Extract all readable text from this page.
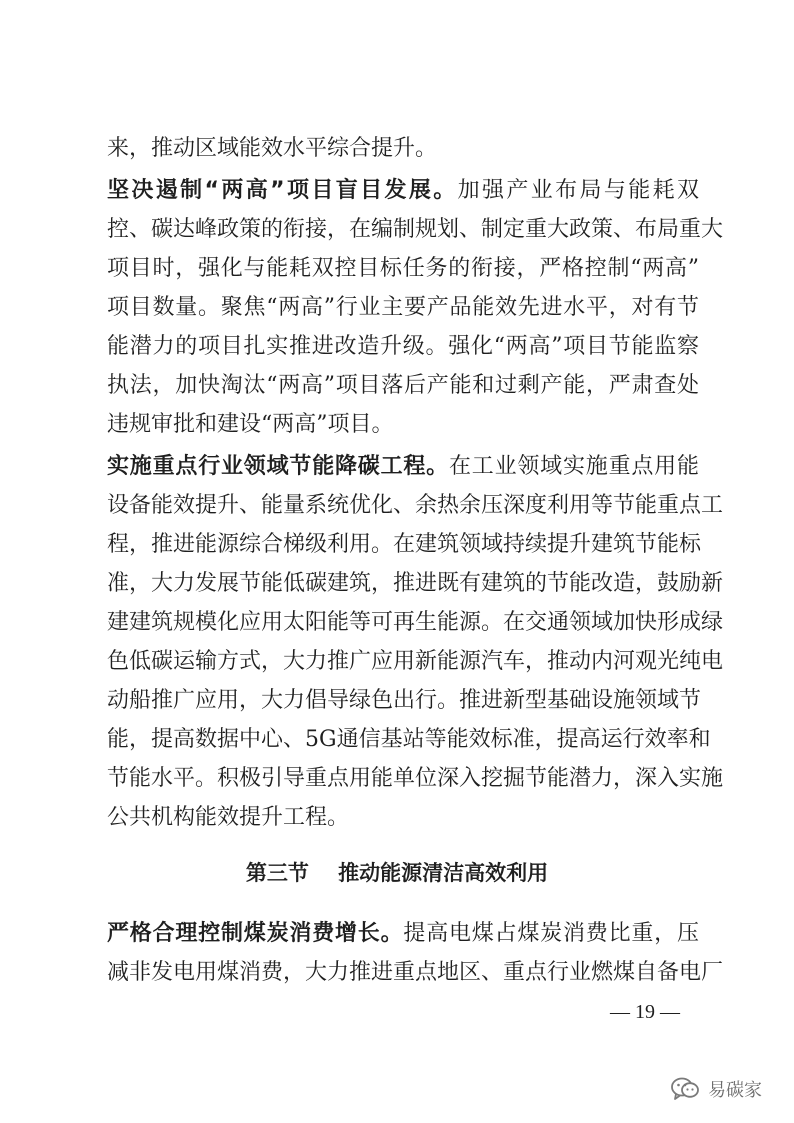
来，推动区域能效水平综合提升。
坚决遏制“两高”项目盲目发展。加强产业布局与能耗双
控、碳达峰政策的衔接，在编制规划、制定重大政策、布局重大
项目时，强化与能耗双控目标任务的衔接，严格控制“两高”
项目数量。聚焦“两高”行业主要产品能效先进水平，对有节
能潜力的项目扎实推进改造升级。强化“两高”项目节能监察
执法，加快淘汰“两高”项目落后产能和过剩产能，严肃查处
违规审批和建设“两高”项目。
实施重点行业领域节能降碳工程。在工业领域实施重点用能
设备能效提升、能量系统优化、余热余压深度利用等节能重点工
程，推进能源综合梯级利用。在建筑领域持续提升建筑节能标
准，大力发展节能低碳建筑，推进既有建筑的节能改造，鼓励新
建建筑规模化应用太阳能等可再生能源。在交通领域加快形成绿
色低碳运输方式，大力推广应用新能源汽车，推动内河观光纯电
动船推广应用，大力倡导绿色出行。推进新型基础设施领域节
能，提高数据中心、5G通信基站等能效标准，提高运行效率和
节能水平。积极引导重点用能单位深入挖掘节能潜力，深入实施
公共机构能效提升工程。
第三节    推动能源清洁高效利用
严格合理控制煤炭消费增长。提高电煤占煤炭消费比重，压
减非发电用煤消费，大力推进重点地区、重点行业燃煤自备电厂
— 19 —
易碳家
